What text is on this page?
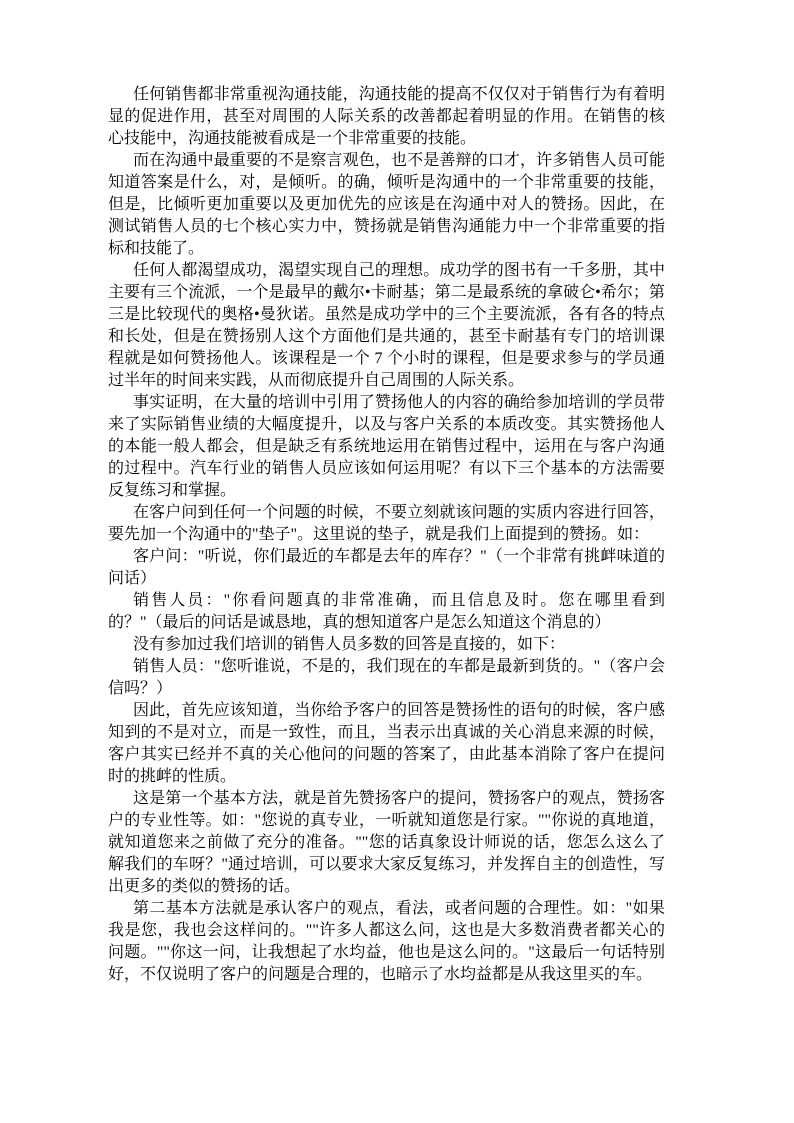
任何销售都非常重视沟通技能，沟通技能的提高不仅仅对于销售行为有着明显的促进作用，甚至对周围的人际关系的改善都起着明显的作用。在销售的核心技能中，沟通技能被看成是一个非常重要的技能。

而在沟通中最重要的不是察言观色，也不是善辩的口才，许多销售人员可能知道答案是什么，对，是倾听。的确，倾听是沟通中的一个非常重要的技能，但是，比倾听更加重要以及更加优先的应该是在沟通中对人的赞扬。因此，在测试销售人员的七个核心实力中，赞扬就是销售沟通能力中一个非常重要的指标和技能了。

任何人都渴望成功，渴望实现自己的理想。成功学的图书有一千多册，其中主要有三个流派，一个是最早的戴尔•卡耐基；第二是最系统的拿破仑•希尔；第三是比较现代的奥格•曼狄诺。虽然是成功学中的三个主要流派，各有各的特点和长处，但是在赞扬别人这个方面他们是共通的，甚至卡耐基有专门的培训课程就是如何赞扬他人。该课程是一个 7 个小时的课程，但是要求参与的学员通过半年的时间来实践，从而彻底提升自己周围的人际关系。

事实证明，在大量的培训中引用了赞扬他人的内容的确给参加培训的学员带来了实际销售业绩的大幅度提升，以及与客户关系的本质改变。其实赞扬他人的本能一般人都会，但是缺乏有系统地运用在销售过程中，运用在与客户沟通的过程中。汽车行业的销售人员应该如何运用呢？有以下三个基本的方法需要反复练习和掌握。

在客户问到任何一个问题的时候，不要立刻就该问题的实质内容进行回答，要先加一个沟通中的"垫子"。这里说的垫子，就是我们上面提到的赞扬。如：

客户问："听说，你们最近的车都是去年的库存？"（一个非常有挑衅味道的问话）

销售人员："你看问题真的非常准确，而且信息及时。您在哪里看到的？"（最后的问话是诚恳地，真的想知道客户是怎么知道这个消息的）

没有参加过我们培训的销售人员多数的回答是直接的，如下：

销售人员："您听谁说，不是的，我们现在的车都是最新到货的。"（客户会信吗？）

因此，首先应该知道，当你给予客户的回答是赞扬性的语句的时候，客户感知到的不是对立，而是一致性，而且，当表示出真诚的关心消息来源的时候，客户其实已经并不真的关心他问的问题的答案了，由此基本消除了客户在提问时的挑衅的性质。

这是第一个基本方法，就是首先赞扬客户的提问，赞扬客户的观点，赞扬客户的专业性等。如："您说的真专业，一听就知道您是行家。""你说的真地道，就知道您来之前做了充分的准备。""您的话真象设计师说的话，您怎么这么了解我们的车呀？"通过培训，可以要求大家反复练习，并发挥自主的创造性，写出更多的类似的赞扬的话。

第二基本方法就是承认客户的观点，看法，或者问题的合理性。如："如果我是您，我也会这样问的。""许多人都这么问，这也是大多数消费者都关心的问题。""你这一问，让我想起了水均益，他也是这么问的。"这最后一句话特别好，不仅说明了客户的问题是合理的，也暗示了水均益都是从我这里买的车。
